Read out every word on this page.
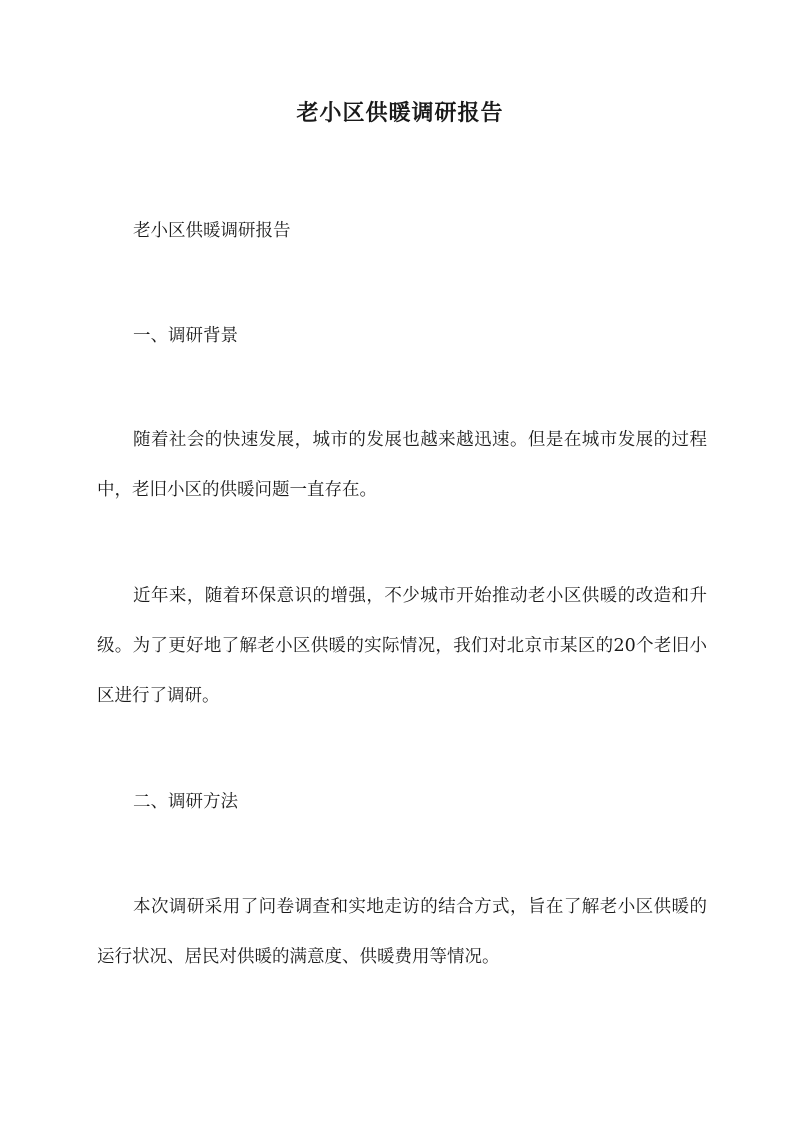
老小区供暖调研报告

老小区供暖调研报告

一、调研背景

随着社会的快速发展，城市的发展也越来越迅速。但是在城市发展的过程中，老旧小区的供暖问题一直存在。

近年来，随着环保意识的增强，不少城市开始推动老小区供暖的改造和升级。为了更好地了解老小区供暖的实际情况，我们对北京市某区的20个老旧小区进行了调研。

二、调研方法

本次调研采用了问卷调查和实地走访的结合方式，旨在了解老小区供暖的运行状况、居民对供暖的满意度、供暖费用等情况。
